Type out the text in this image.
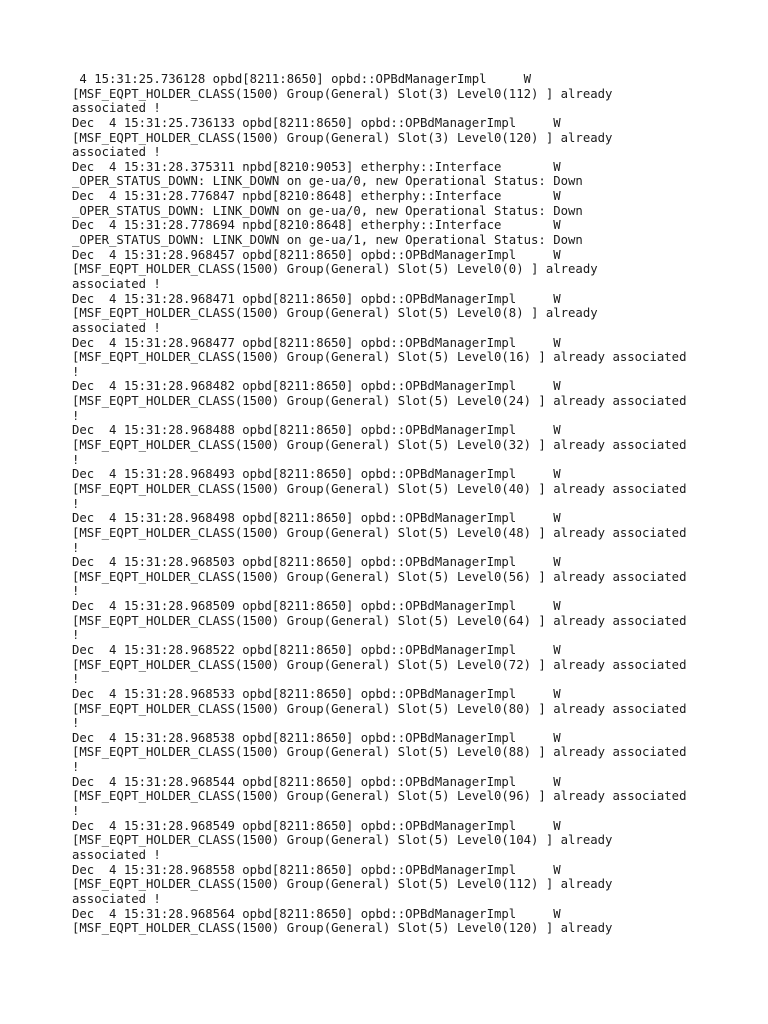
4 15:31:25.736128 opbd[8211:8650] opbd::OPBdManagerImpl     W
[MSF_EQPT_HOLDER_CLASS(1500) Group(General) Slot(3) Level0(112) ] already
associated !
Dec  4 15:31:25.736133 opbd[8211:8650] opbd::OPBdManagerImpl     W
[MSF_EQPT_HOLDER_CLASS(1500) Group(General) Slot(3) Level0(120) ] already
associated !
Dec  4 15:31:28.375311 npbd[8210:9053] etherphy::Interface       W
_OPER_STATUS_DOWN: LINK_DOWN on ge-ua/0, new Operational Status: Down
Dec  4 15:31:28.776847 npbd[8210:8648] etherphy::Interface       W
_OPER_STATUS_DOWN: LINK_DOWN on ge-ua/0, new Operational Status: Down
Dec  4 15:31:28.778694 npbd[8210:8648] etherphy::Interface       W
_OPER_STATUS_DOWN: LINK_DOWN on ge-ua/1, new Operational Status: Down
Dec  4 15:31:28.968457 opbd[8211:8650] opbd::OPBdManagerImpl     W
[MSF_EQPT_HOLDER_CLASS(1500) Group(General) Slot(5) Level0(0) ] already
associated !
Dec  4 15:31:28.968471 opbd[8211:8650] opbd::OPBdManagerImpl     W
[MSF_EQPT_HOLDER_CLASS(1500) Group(General) Slot(5) Level0(8) ] already
associated !
Dec  4 15:31:28.968477 opbd[8211:8650] opbd::OPBdManagerImpl     W
[MSF_EQPT_HOLDER_CLASS(1500) Group(General) Slot(5) Level0(16) ] already associated
!
Dec  4 15:31:28.968482 opbd[8211:8650] opbd::OPBdManagerImpl     W
[MSF_EQPT_HOLDER_CLASS(1500) Group(General) Slot(5) Level0(24) ] already associated
!
Dec  4 15:31:28.968488 opbd[8211:8650] opbd::OPBdManagerImpl     W
[MSF_EQPT_HOLDER_CLASS(1500) Group(General) Slot(5) Level0(32) ] already associated
!
Dec  4 15:31:28.968493 opbd[8211:8650] opbd::OPBdManagerImpl     W
[MSF_EQPT_HOLDER_CLASS(1500) Group(General) Slot(5) Level0(40) ] already associated
!
Dec  4 15:31:28.968498 opbd[8211:8650] opbd::OPBdManagerImpl     W
[MSF_EQPT_HOLDER_CLASS(1500) Group(General) Slot(5) Level0(48) ] already associated
!
Dec  4 15:31:28.968503 opbd[8211:8650] opbd::OPBdManagerImpl     W
[MSF_EQPT_HOLDER_CLASS(1500) Group(General) Slot(5) Level0(56) ] already associated
!
Dec  4 15:31:28.968509 opbd[8211:8650] opbd::OPBdManagerImpl     W
[MSF_EQPT_HOLDER_CLASS(1500) Group(General) Slot(5) Level0(64) ] already associated
!
Dec  4 15:31:28.968522 opbd[8211:8650] opbd::OPBdManagerImpl     W
[MSF_EQPT_HOLDER_CLASS(1500) Group(General) Slot(5) Level0(72) ] already associated
!
Dec  4 15:31:28.968533 opbd[8211:8650] opbd::OPBdManagerImpl     W
[MSF_EQPT_HOLDER_CLASS(1500) Group(General) Slot(5) Level0(80) ] already associated
!
Dec  4 15:31:28.968538 opbd[8211:8650] opbd::OPBdManagerImpl     W
[MSF_EQPT_HOLDER_CLASS(1500) Group(General) Slot(5) Level0(88) ] already associated
!
Dec  4 15:31:28.968544 opbd[8211:8650] opbd::OPBdManagerImpl     W
[MSF_EQPT_HOLDER_CLASS(1500) Group(General) Slot(5) Level0(96) ] already associated
!
Dec  4 15:31:28.968549 opbd[8211:8650] opbd::OPBdManagerImpl     W
[MSF_EQPT_HOLDER_CLASS(1500) Group(General) Slot(5) Level0(104) ] already
associated !
Dec  4 15:31:28.968558 opbd[8211:8650] opbd::OPBdManagerImpl     W
[MSF_EQPT_HOLDER_CLASS(1500) Group(General) Slot(5) Level0(112) ] already
associated !
Dec  4 15:31:28.968564 opbd[8211:8650] opbd::OPBdManagerImpl     W
[MSF_EQPT_HOLDER_CLASS(1500) Group(General) Slot(5) Level0(120) ] already
